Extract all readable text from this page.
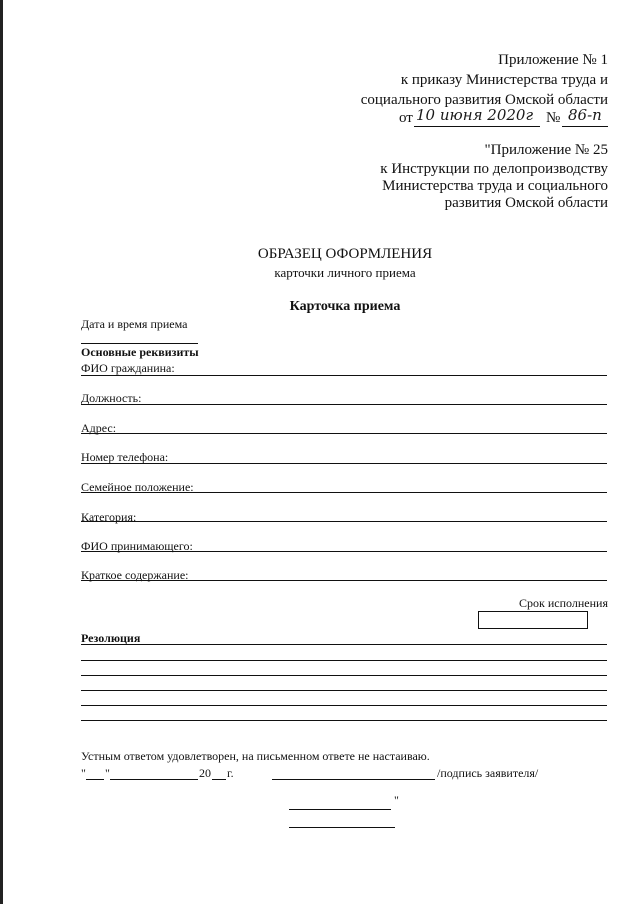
Приложение № 1
к приказу Министерства труда и
социального развития Омской области
от 10 июня 2020г № 86-п
"Приложение № 25
к Инструкции по делопроизводству
Министерства труда и социального
развития Омской области
ОБРАЗЕЦ ОФОРМЛЕНИЯ
карточки личного приема
Карточка приема
Дата и время приема
Основные реквизиты
ФИО гражданина:
Должность:
Адрес:
Номер телефона:
Семейное положение:
Категория:
ФИО принимающего:
Краткое содержание:
Срок исполнения
Резолюция
Устным ответом удовлетворен, на письменном ответе не настаиваю.
" "	20 г.	/подпись заявителя/
"
